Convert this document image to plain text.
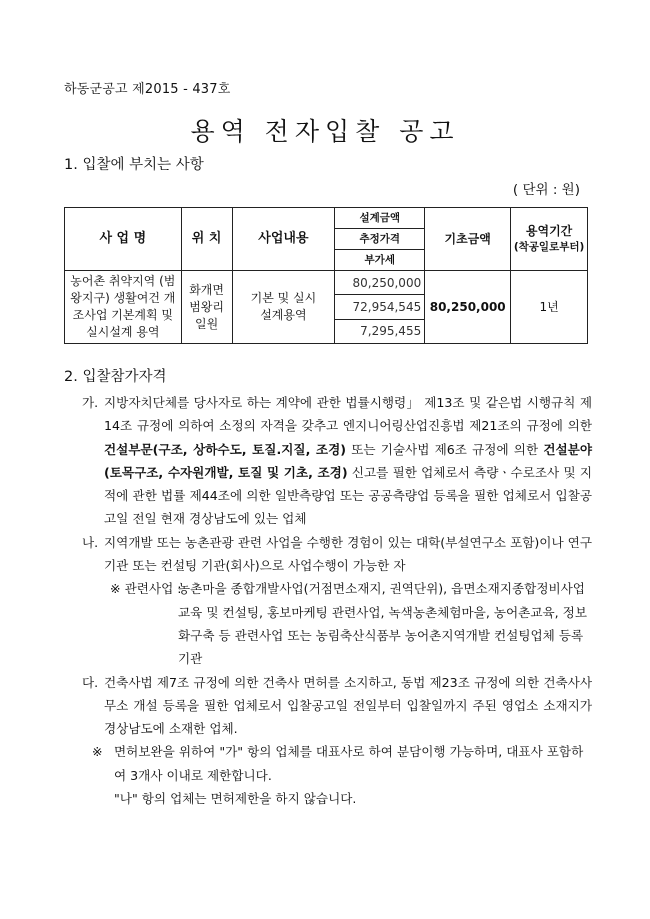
하동군공고 제2015 - 437호
용역 전자입찰 공고
1. 입찰에 부치는 사항
( 단위 : 원)
사 업 명	위 치	사업내용	설계금액	기초금액	용역기간
(착공일로부터)

			추정가격		
			부가세		
농어촌 취약지역 (범왕지구) 생활여건 개조사업 기본계획 및 실시설계 용역	화개면 범왕리 일원	기본 및 실시설계용역	80,250,000	80,250,000	1년
			72,954,545		
			7,295,455		
2. 입찰참가자격
가. 지방자치단체를 당사자로 하는 계약에 관한 법률시행령」 제13조 및 같은법 시행규칙 제14조 규정에 의하여 소정의 자격을 갖추고 엔지니어링산업진흥법 제21조의 규정에 의한 건설부문(구조, 상하수도, 토질.지질, 조경) 또는 기술사법 제6조 규정에 의한 건설분야(토목구조, 수자원개발, 토질 및 기초, 조경) 신고를 필한 업체로서 측량ㆍ수로조사 및 지적에 관한 법률 제44조에 의한 일반측량업 또는 공공측량업 등록을 필한 업체로서 입찰공고일 전일 현재 경상남도에 있는 업체
나. 지역개발 또는 농촌관광 관련 사업을 수행한 경험이 있는 대학(부설연구소 포함)이나 연구기관 또는 컨설팅 기관(회사)으로 사업수행이 가능한 자
※ 관련사업 :
농촌마을 종합개발사업(거점면소재지, 권역단위), 읍면소재지종합정비사업 교육 및 컨설팅, 홍보마케팅 관련사업, 녹색농촌체험마을, 농어촌교육, 정보화구축 등 관련사업 또는 농림축산식품부 농어촌지역개발 컨설팅업체 등록기관
다. 건축사법 제7조 규정에 의한 건축사 면허를 소지하고, 동법 제23조 규정에 의한 건축사사무소 개설 등록을 필한 업체로서 입찰공고일 전일부터 입찰일까지 주된 영업소 소재지가 경상남도에 소재한 업체.
※ 면허보완을 위하여 "가" 항의 업체를 대표사로 하여 분담이행 가능하며, 대표사 포함하여 3개사 이내로 제한합니다.
"나" 항의 업체는 면허제한을 하지 않습니다.
